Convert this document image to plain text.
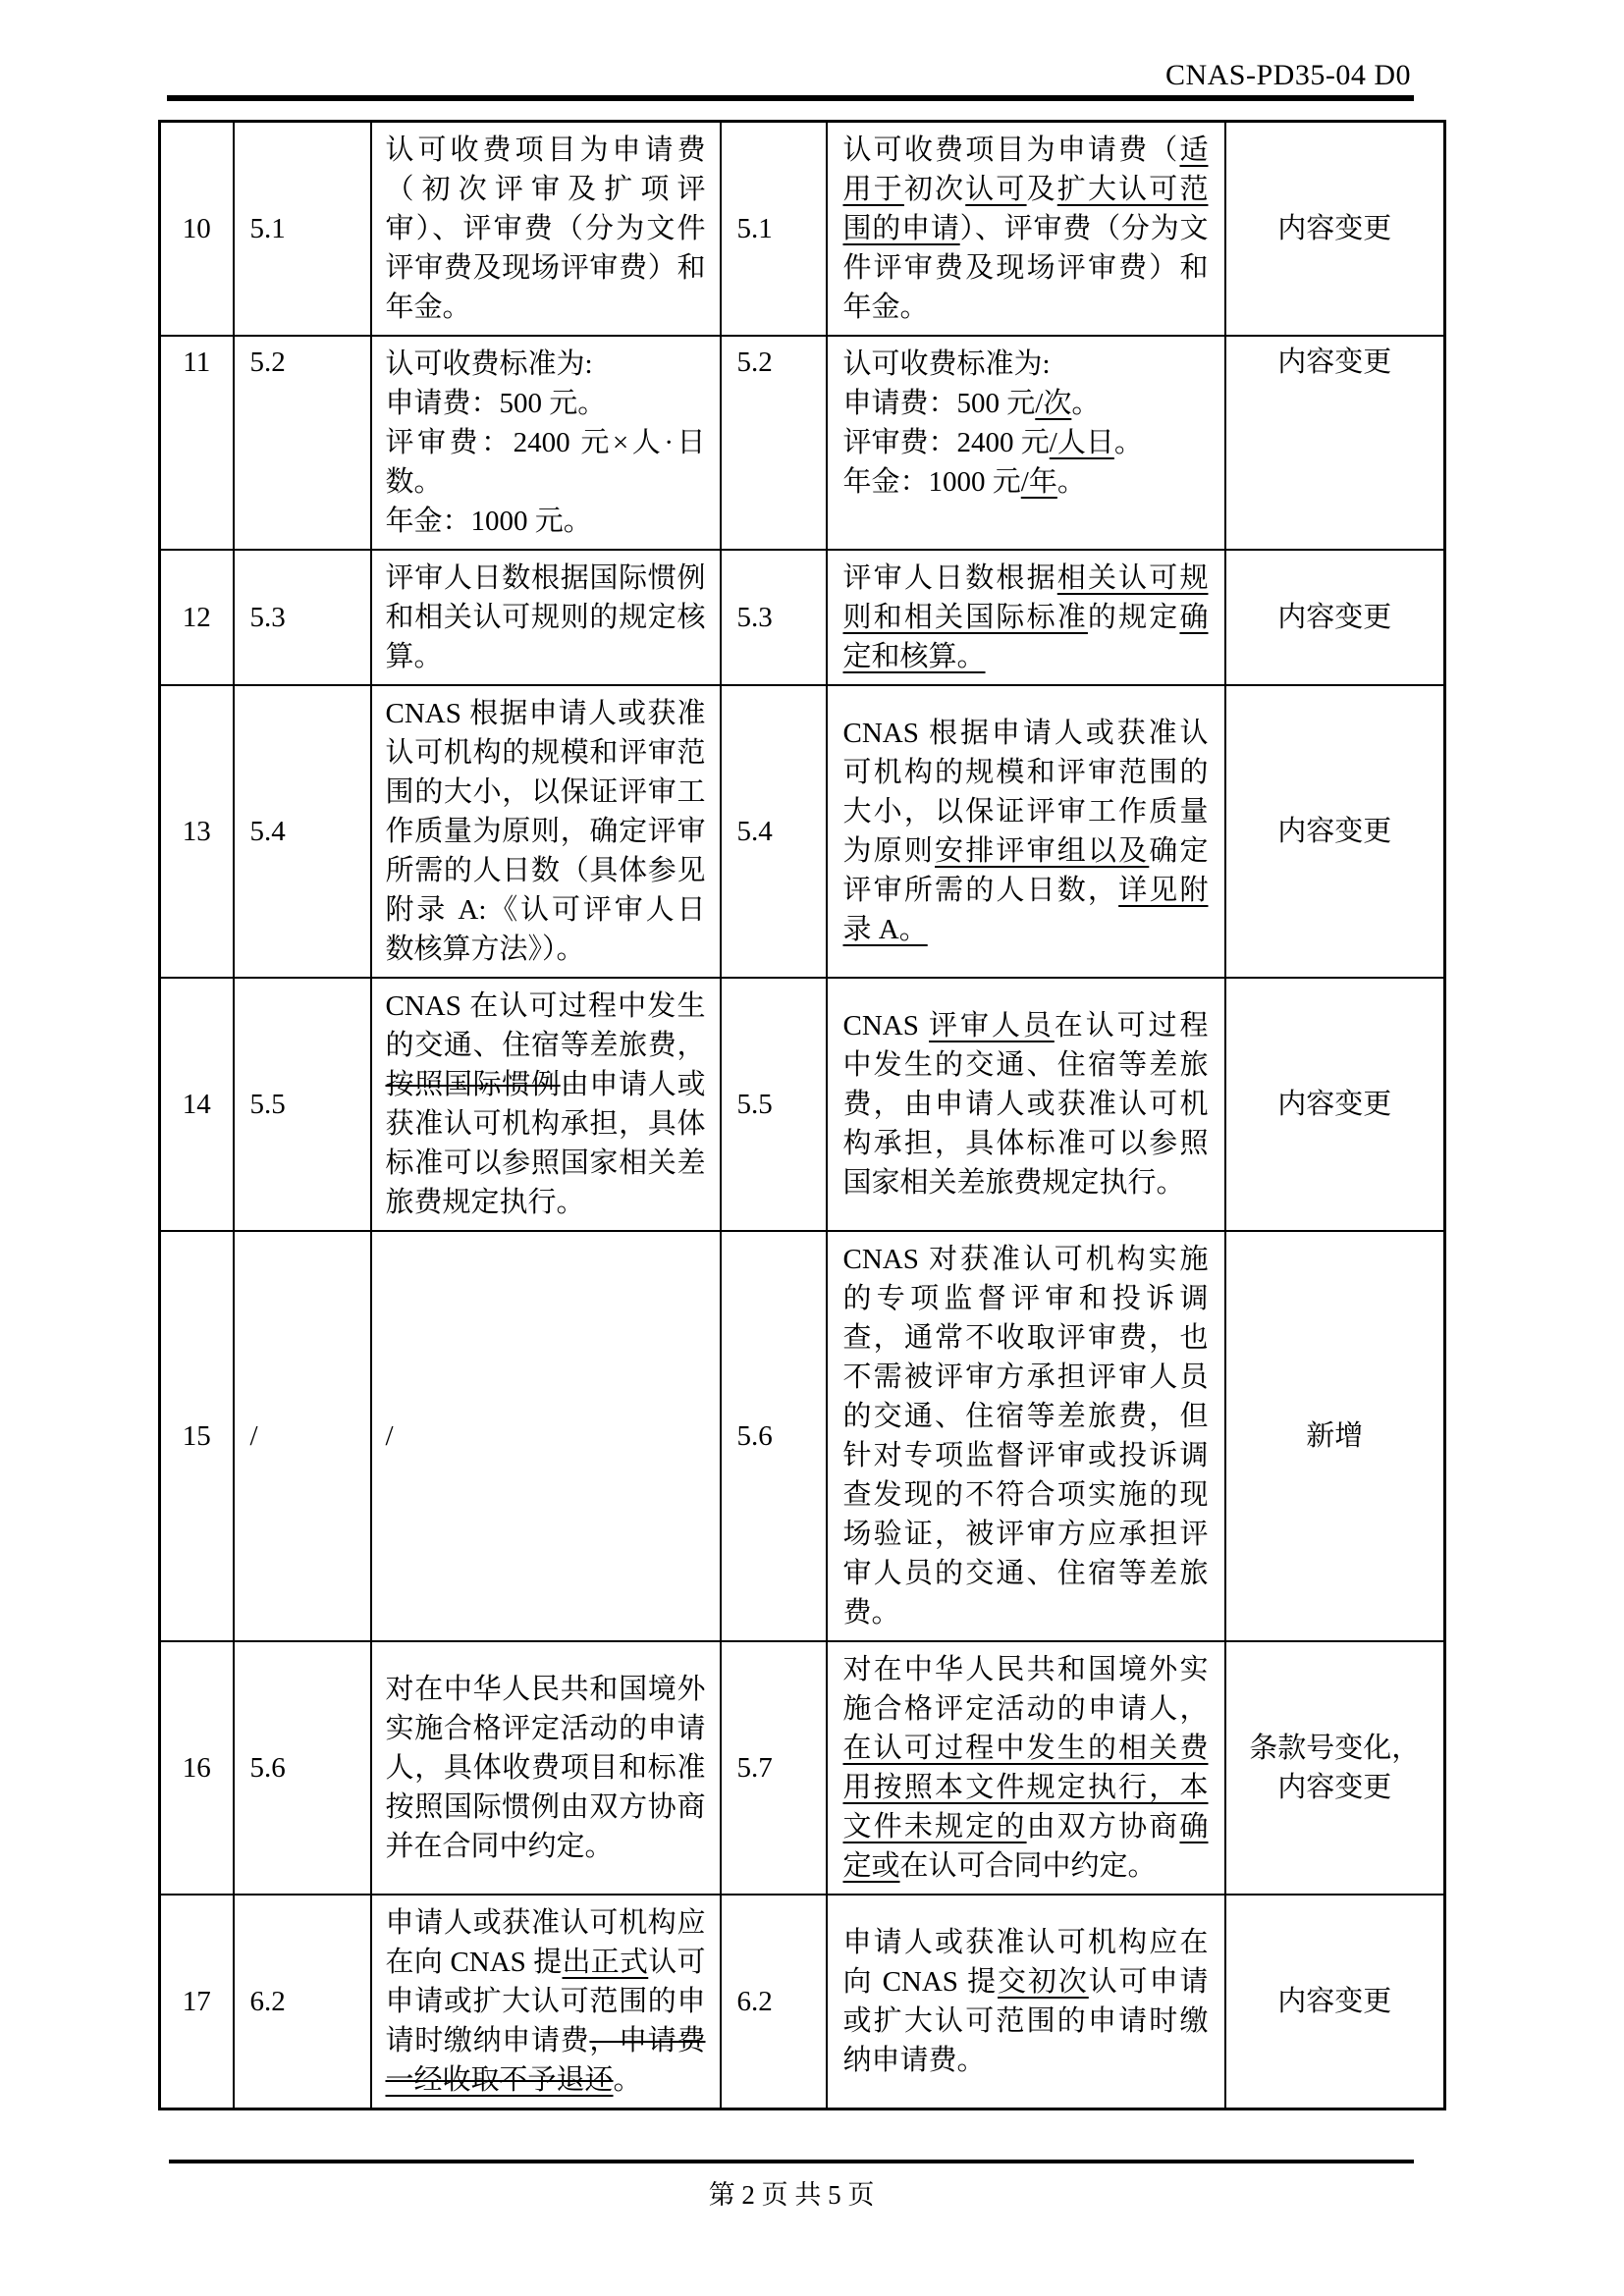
CNAS-PD35-04 D0
10	5.1	认可收费项目为申请费（初次评审及扩项评审）、评审费（分为文件评审费及现场评审费）和年金。	5.1	认可收费项目为申请费（适用于初次认可及扩大认可范围的申请）、评审费（分为文件评审费及现场评审费）和年金。	内容变更
11	5.2	认可收费标准为:
申请费：500 元。
评审费：2400 元×人·日数。
年金：1000 元。	5.2	认可收费标准为:
申请费：500 元/次。
评审费：2400 元/人日。
年金：1000 元/年。	内容变更
12	5.3	评审人日数根据国际惯例和相关认可规则的规定核算。	5.3	评审人日数根据相关认可规则和相关国际标准的规定确定和核算。	内容变更
13	5.4	CNAS 根据申请人或获准认可机构的规模和评审范围的大小，以保证评审工作质量为原则，确定评审所需的人日数（具体参见附录 A:《认可评审人日数核算方法》）。	5.4	CNAS 根据申请人或获准认可机构的规模和评审范围的大小，以保证评审工作质量为原则安排评审组以及确定评审所需的人日数，详见附录 A。	内容变更
14	5.5	CNAS 在认可过程中发生的交通、住宿等差旅费，按照国际惯例由申请人或获准认可机构承担，具体标准可以参照国家相关差旅费规定执行。	5.5	CNAS 评审人员在认可过程中发生的交通、住宿等差旅费，由申请人或获准认可机构承担，具体标准可以参照国家相关差旅费规定执行。	内容变更
15	/	/	5.6	CNAS 对获准认可机构实施的专项监督评审和投诉调查，通常不收取评审费，也不需被评审方承担评审人员的交通、住宿等差旅费，但针对专项监督评审或投诉调查发现的不符合项实施的现场验证，被评审方应承担评审人员的交通、住宿等差旅费。	新增
16	5.6	对在中华人民共和国境外实施合格评定活动的申请人，具体收费项目和标准按照国际惯例由双方协商并在合同中约定。	5.7	对在中华人民共和国境外实施合格评定活动的申请人，在认可过程中发生的相关费用按照本文件规定执行，本文件未规定的由双方协商确定或在认可合同中约定。	条款号变化，
内容变更
17	6.2	申请人或获准认可机构应在向 CNAS 提出正式认可申请或扩大认可范围的申请时缴纳申请费，申请费一经收取不予退还。	6.2	申请人或获准认可机构应在向 CNAS 提交初次认可申请或扩大认可范围的申请时缴纳申请费。	内容变更
第 2 页 共 5 页
